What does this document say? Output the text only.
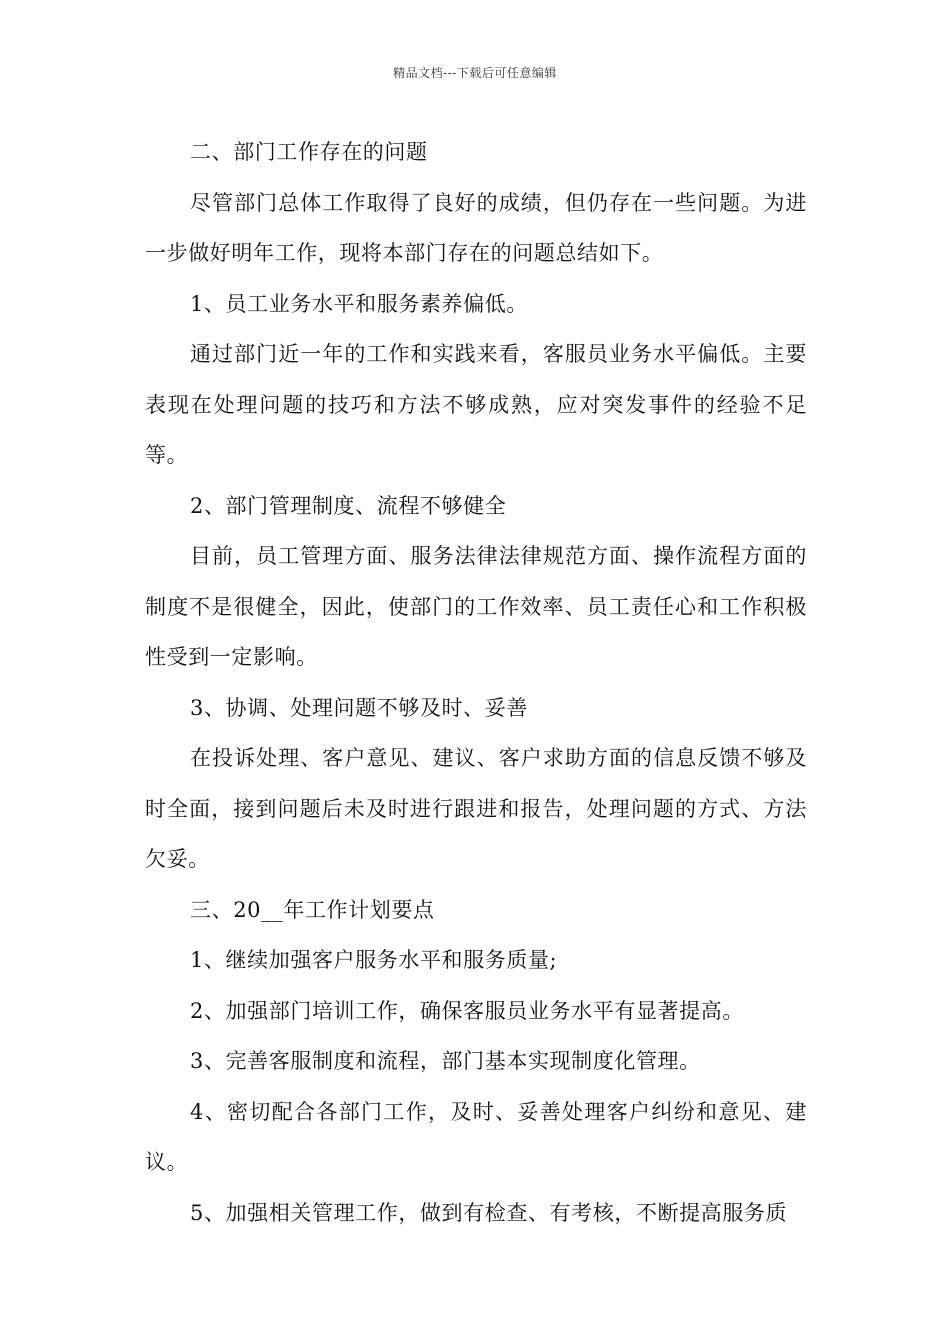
精品文档---下载后可任意编辑

二、部门工作存在的问题

尽管部门总体工作取得了良好的成绩，但仍存在一些问题。为进一步做好明年工作，现将本部门存在的问题总结如下。

1、员工业务水平和服务素养偏低。

通过部门近一年的工作和实践来看，客服员业务水平偏低。主要表现在处理问题的技巧和方法不够成熟，应对突发事件的经验不足等。

2、部门管理制度、流程不够健全

目前，员工管理方面、服务法律法律规范方面、操作流程方面的制度不是很健全，因此，使部门的工作效率、员工责任心和工作积极性受到一定影响。

3、协调、处理问题不够及时、妥善

在投诉处理、客户意见、建议、客户求助方面的信息反馈不够及时全面，接到问题后未及时进行跟进和报告，处理问题的方式、方法欠妥。

三、20__年工作计划要点

1、继续加强客户服务水平和服务质量;

2、加强部门培训工作，确保客服员业务水平有显著提高。

3、完善客服制度和流程，部门基本实现制度化管理。

4、密切配合各部门工作，及时、妥善处理客户纠纷和意见、建议。

5、加强相关管理工作，做到有检查、有考核，不断提高服务质
